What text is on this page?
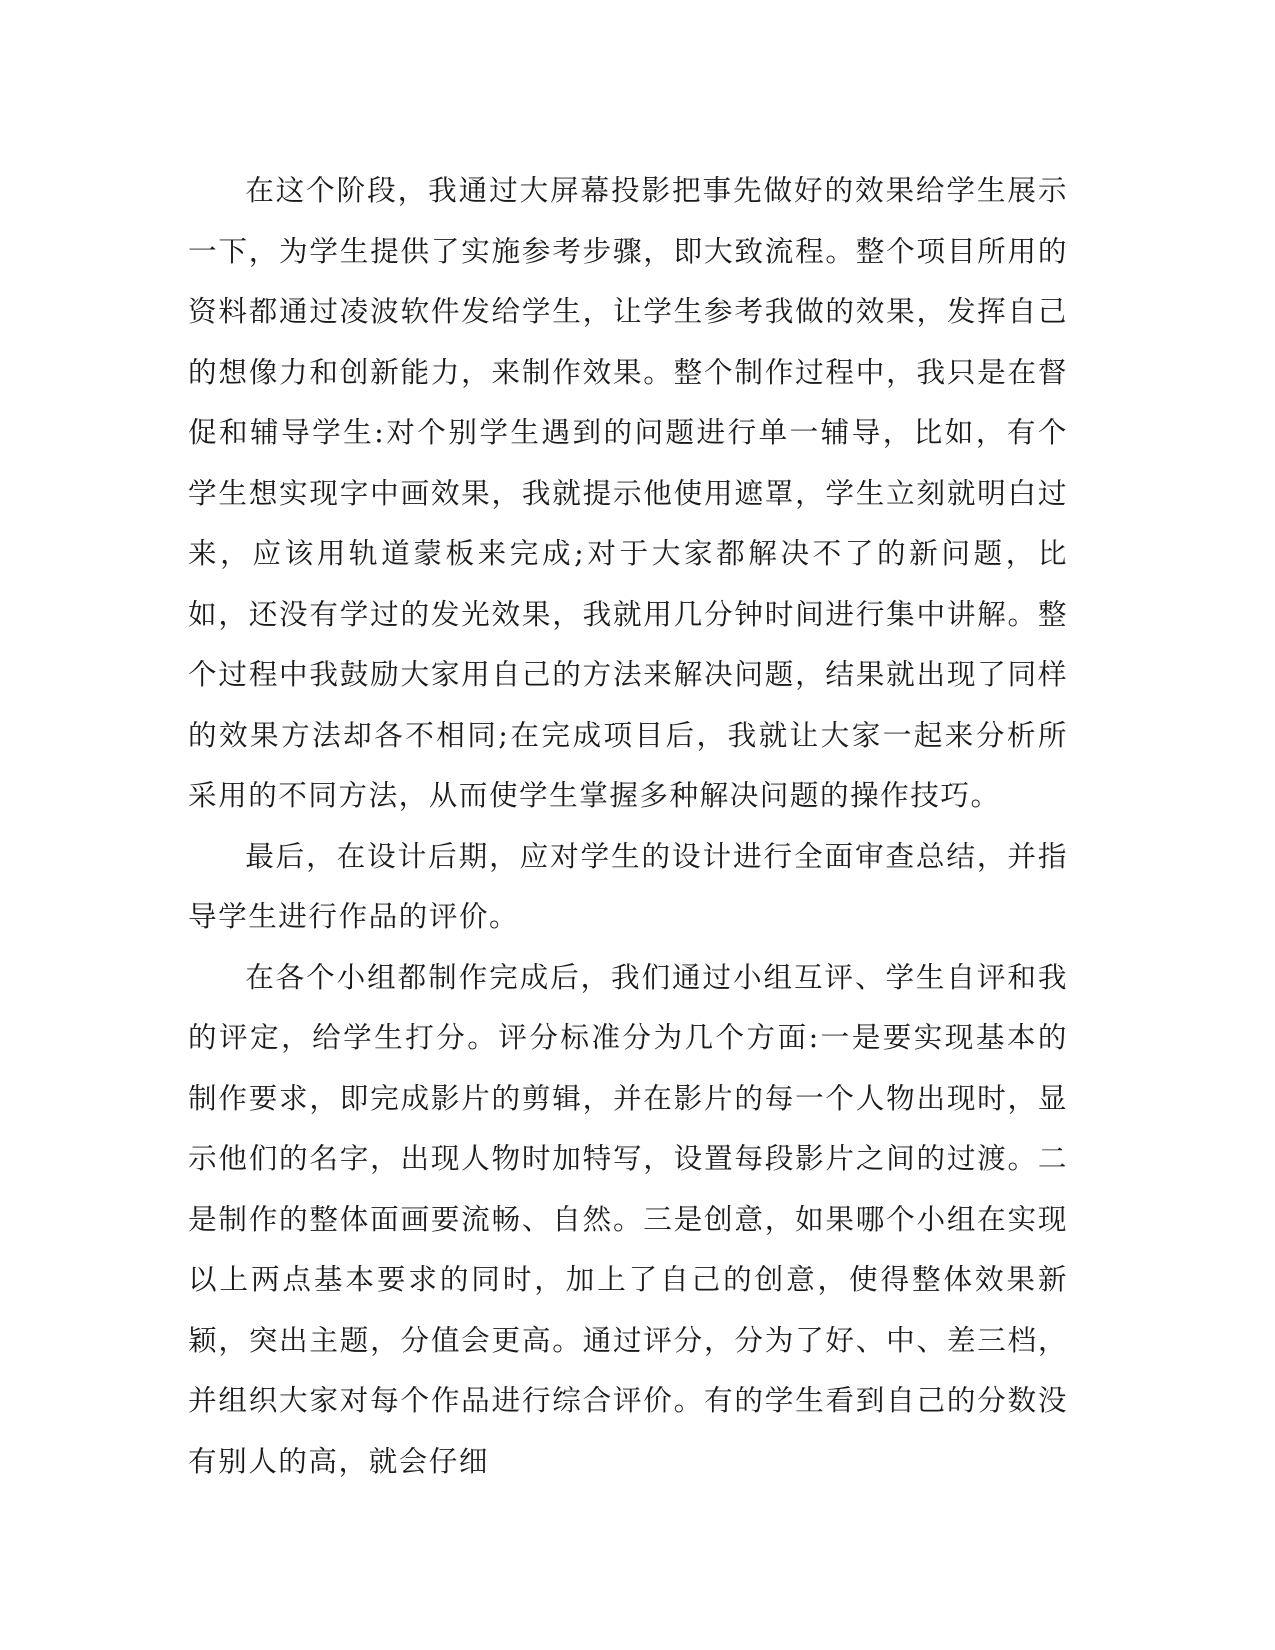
在这个阶段，我通过大屏幕投影把事先做好的效果给学生展示一下，为学生提供了实施参考步骤，即大致流程。整个项目所用的资料都通过凌波软件发给学生，让学生参考我做的效果，发挥自己的想像力和创新能力，来制作效果。整个制作过程中，我只是在督促和辅导学生:对个别学生遇到的问题进行单一辅导，比如，有个学生想实现字中画效果，我就提示他使用遮罩，学生立刻就明白过来，应该用轨道蒙板来完成;对于大家都解决不了的新问题，比如，还没有学过的发光效果，我就用几分钟时间进行集中讲解。整个过程中我鼓励大家用自己的方法来解决问题，结果就出现了同样的效果方法却各不相同;在完成项目后，我就让大家一起来分析所采用的不同方法，从而使学生掌握多种解决问题的操作技巧。

最后，在设计后期，应对学生的设计进行全面审查总结，并指导学生进行作品的评价。

在各个小组都制作完成后，我们通过小组互评、学生自评和我的评定，给学生打分。评分标准分为几个方面:一是要实现基本的制作要求，即完成影片的剪辑，并在影片的每一个人物出现时，显示他们的名字，出现人物时加特写，设置每段影片之间的过渡。二是制作的整体面画要流畅、自然。三是创意，如果哪个小组在实现以上两点基本要求的同时，加上了自己的创意，使得整体效果新颖，突出主题，分值会更高。通过评分，分为了好、中、差三档，并组织大家对每个作品进行综合评价。有的学生看到自己的分数没有别人的高，就会仔细
